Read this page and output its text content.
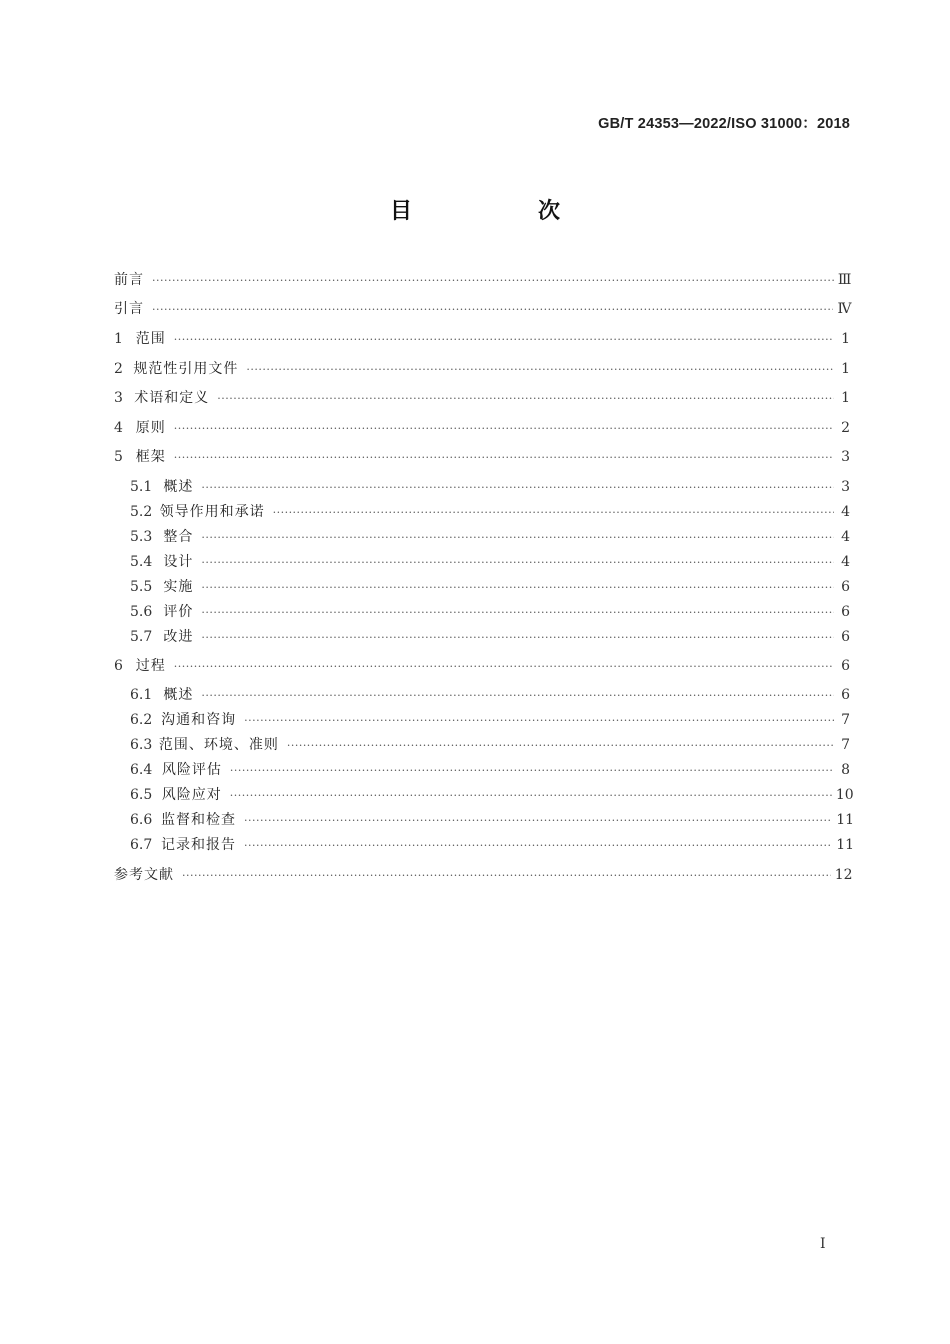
GB/T 24353—2022/ISO 31000：2018
目　次
前言 ·····	Ⅲ
引言 ·····	Ⅳ
1 范围 ·····	1
2 规范性引用文件 ·····	1
3 术语和定义 ·····	1
4 原则 ·····	2
5 框架 ·····	3
5.1 概述 ·····	3
5.2 领导作用和承诺 ·····	4
5.3 整合 ·····	4
5.4 设计 ·····	4
5.5 实施 ·····	6
5.6 评价 ·····	6
5.7 改进 ·····	6
6 过程 ·····	6
6.1 概述 ·····	6
6.2 沟通和咨询 ·····	7
6.3 范围、环境、准则 ·····	7
6.4 风险评估 ·····	8
6.5 风险应对 ·····	10
6.6 监督和检查 ·····	11
6.7 记录和报告 ·····	11
参考文献 ·····	12
I
